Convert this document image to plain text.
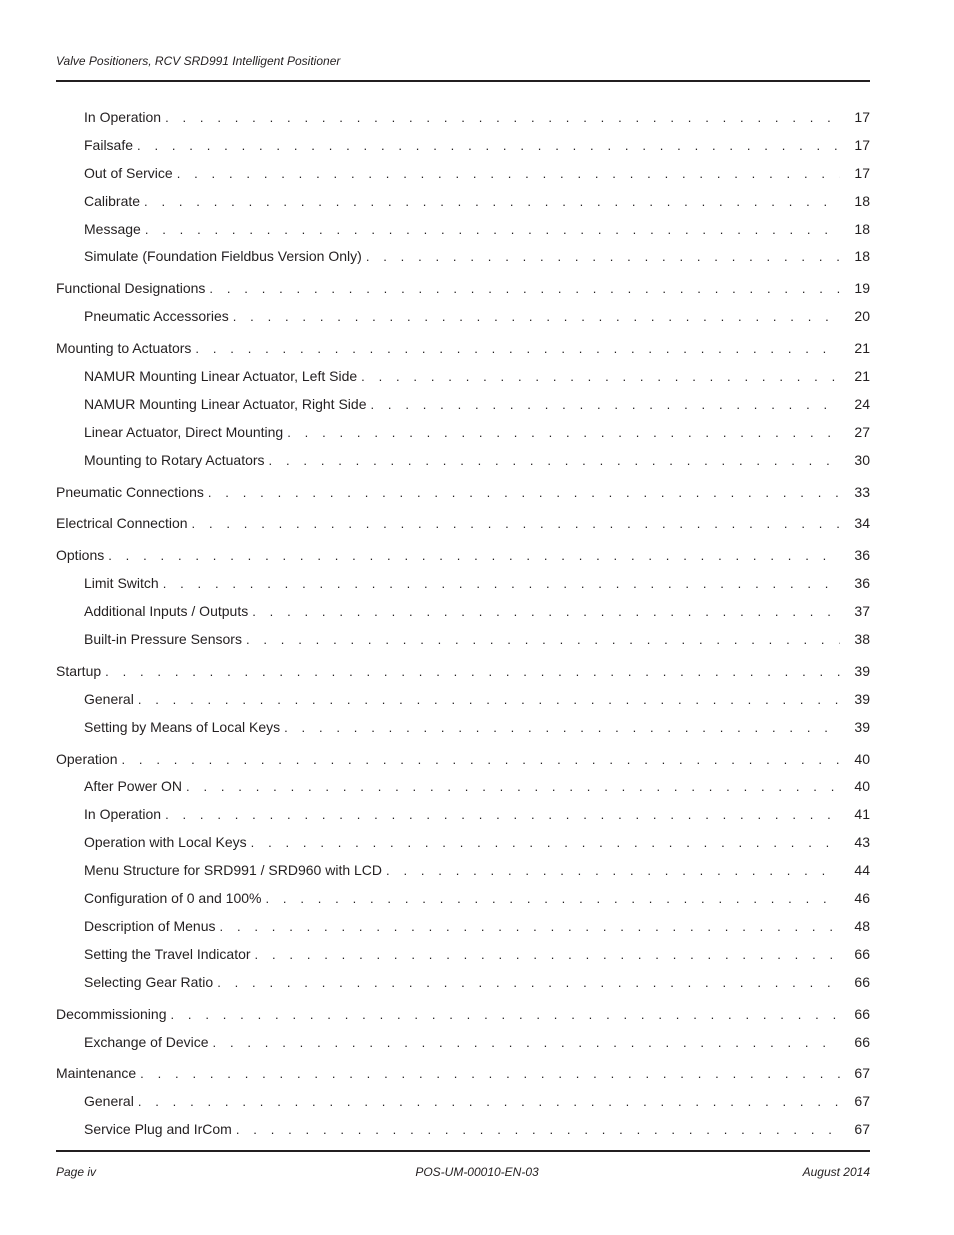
Valve Positioners, RCV SRD991 Intelligent Positioner
In Operation . . .	17
Failsafe . . .	17
Out of Service . . .	17
Calibrate . . .	18
Message . . .	18
Simulate (Foundation Fieldbus Version Only) . . .	18
Functional Designations . . .	19
Pneumatic Accessories . . .	20
Mounting to Actuators . . .	21
NAMUR Mounting Linear Actuator, Left Side . . .	21
NAMUR Mounting Linear Actuator, Right Side . . .	24
Linear Actuator, Direct Mounting . . .	27
Mounting to Rotary Actuators . . .	30
Pneumatic Connections . . .	33
Electrical Connection . . .	34
Options . . .	36
Limit Switch . . .	36
Additional Inputs / Outputs . . .	37
Built-in Pressure Sensors . . .	38
Startup . . .	39
General . . .	39
Setting by Means of Local Keys . . .	39
Operation . . .	40
After Power ON . . .	40
In Operation . . .	41
Operation with Local Keys . . .	43
Menu Structure for SRD991 / SRD960 with LCD . . .	44
Configuration of 0 and 100% . . .	46
Description of Menus . . .	48
Setting the Travel Indicator . . .	66
Selecting Gear Ratio . . .	66
Decommissioning . . .	66
Exchange of Device . . .	66
Maintenance . . .	67
General . . .	67
Service Plug and IrCom . . .	67
Page iv	POS-UM-00010-EN-03	August 2014
